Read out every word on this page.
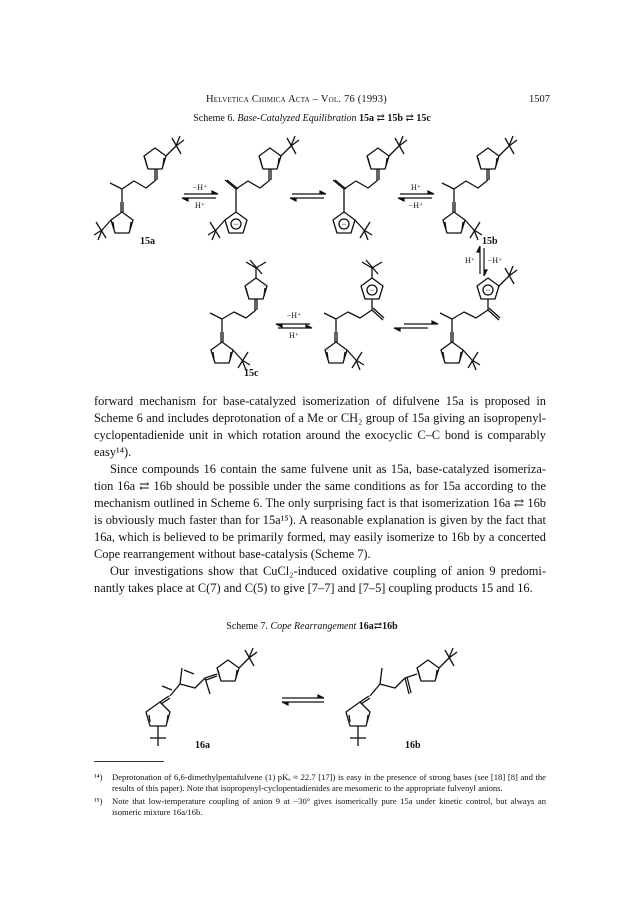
Helvetica Chimica Acta – Vol. 76 (1993)	1507
Scheme 6. Base-Catalyzed Equilibration 15a ⇄ 15b ⇄ 15c
−	−
−	−
−H⁺
H⁺
H⁺
−H⁺
H⁺ −H⁺
−H⁺
H⁺
15a	15b
15c

forward mechanism for base-catalyzed isomerization of difulvene 15a is proposed in Scheme 6 and includes deprotonation of a Me or CH₂ group of 15a giving an isopropenyl-cyclopentadienide unit in which rotation around the exocyclic C–C bond is comparably easy¹⁴).

Since compounds 16 contain the same fulvene unit as 15a, base-catalyzed isomeriza-tion 16a ⇄ 16b should be possible under the same conditions as for 15a according to the mechanism outlined in Scheme 6. The only surprising fact is that isomerization 16a ⇄ 16b is obviously much faster than for 15a¹⁵). A reasonable explanation is given by the fact that 16a, which is believed to be primarily formed, may easily isomerize to 16b by a concerted Cope rearrangement without base-catalysis (Scheme 7).

Our investigations show that CuCl₂-induced oxidative coupling of anion 9 predomi-nantly takes place at C(7) and C(5) to give [7–7] and [7–5] coupling products 15 and 16.

Scheme 7. Cope Rearrangement 16a⇄16b
16a	16b
¹⁴)	Deprotonation of 6,6-dimethylpentafulvene (1) pKₐ ≈ 22.7 [17]) is easy in the presence of strong bases (see [18] [8] and the results of this paper). Note that isopropenyl-cyclopentadienides are mesomeric to the appropriate fulvenyl anions.
¹⁵)	Note that low-temperature coupling of anion 9 at −30° gives isomerically pure 15a under kinetic control, but always an isomeric mixture 16a/16b.
